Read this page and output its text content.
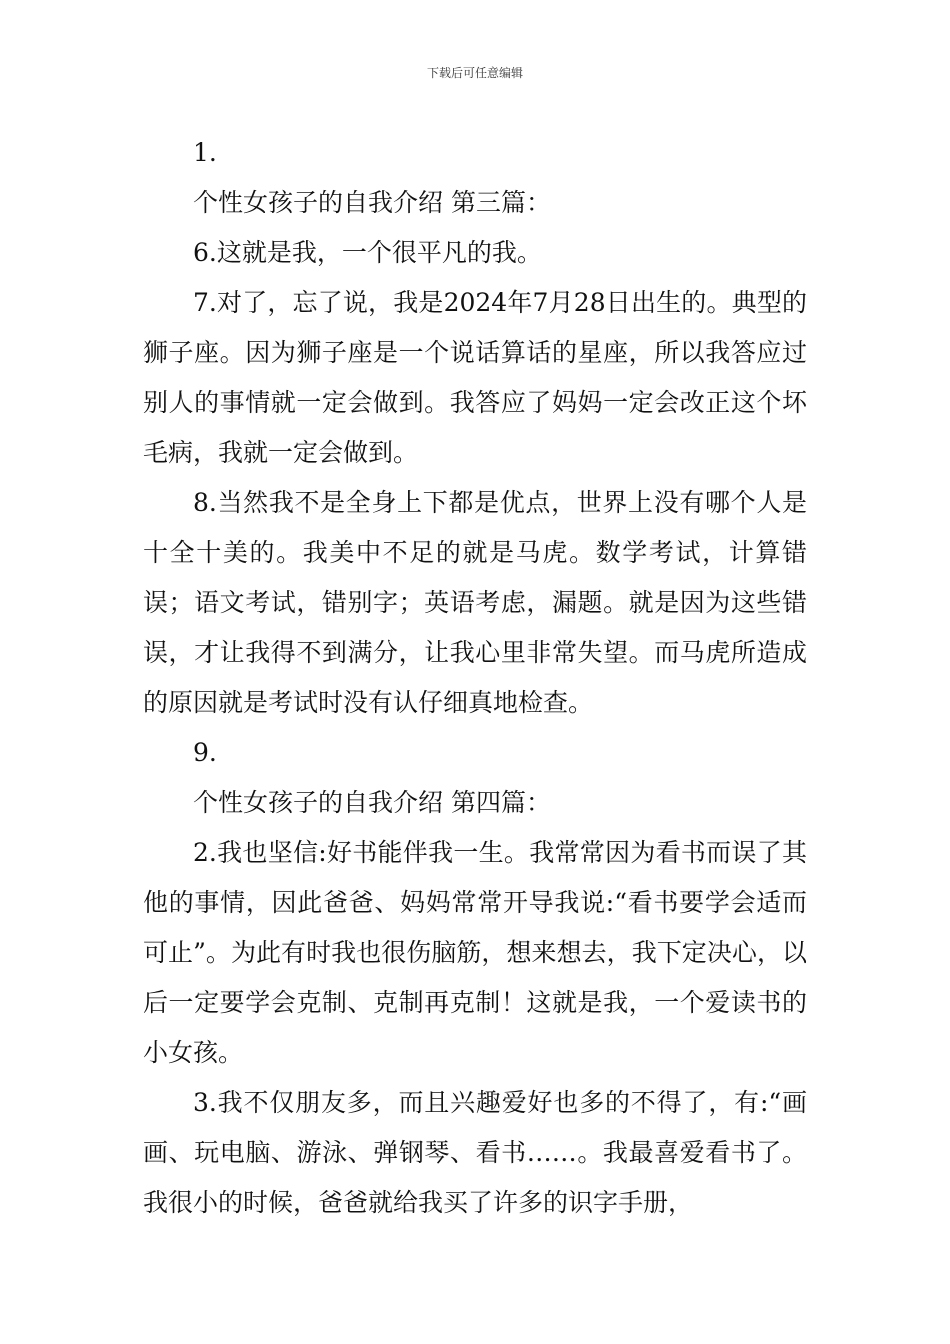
下载后可任意编辑

1.

个性女孩子的自我介绍 第三篇：

6.这就是我，一个很平凡的我。

7.对了，忘了说，我是2024年7月28日出生的。典型的狮子座。因为狮子座是一个说话算话的星座，所以我答应过别人的事情就一定会做到。我答应了妈妈一定会改正这个坏毛病，我就一定会做到。

8.当然我不是全身上下都是优点，世界上没有哪个人是十全十美的。我美中不足的就是马虎。数学考试，计算错误；语文考试，错别字；英语考虑，漏题。就是因为这些错误，才让我得不到满分，让我心里非常失望。而马虎所造成的原因就是考试时没有认仔细真地检查。

9.

个性女孩子的自我介绍 第四篇：

2.我也坚信:好书能伴我一生。我常常因为看书而误了其他的事情，因此爸爸、妈妈常常开导我说:“看书要学会适而可止”。为此有时我也很伤脑筋，想来想去，我下定决心，以后一定要学会克制、克制再克制！这就是我，一个爱读书的小女孩。

3.我不仅朋友多，而且兴趣爱好也多的不得了，有:“画画、玩电脑、游泳、弹钢琴、看书……。我最喜爱看书了。我很小的时候，爸爸就给我买了许多的识字手册，
